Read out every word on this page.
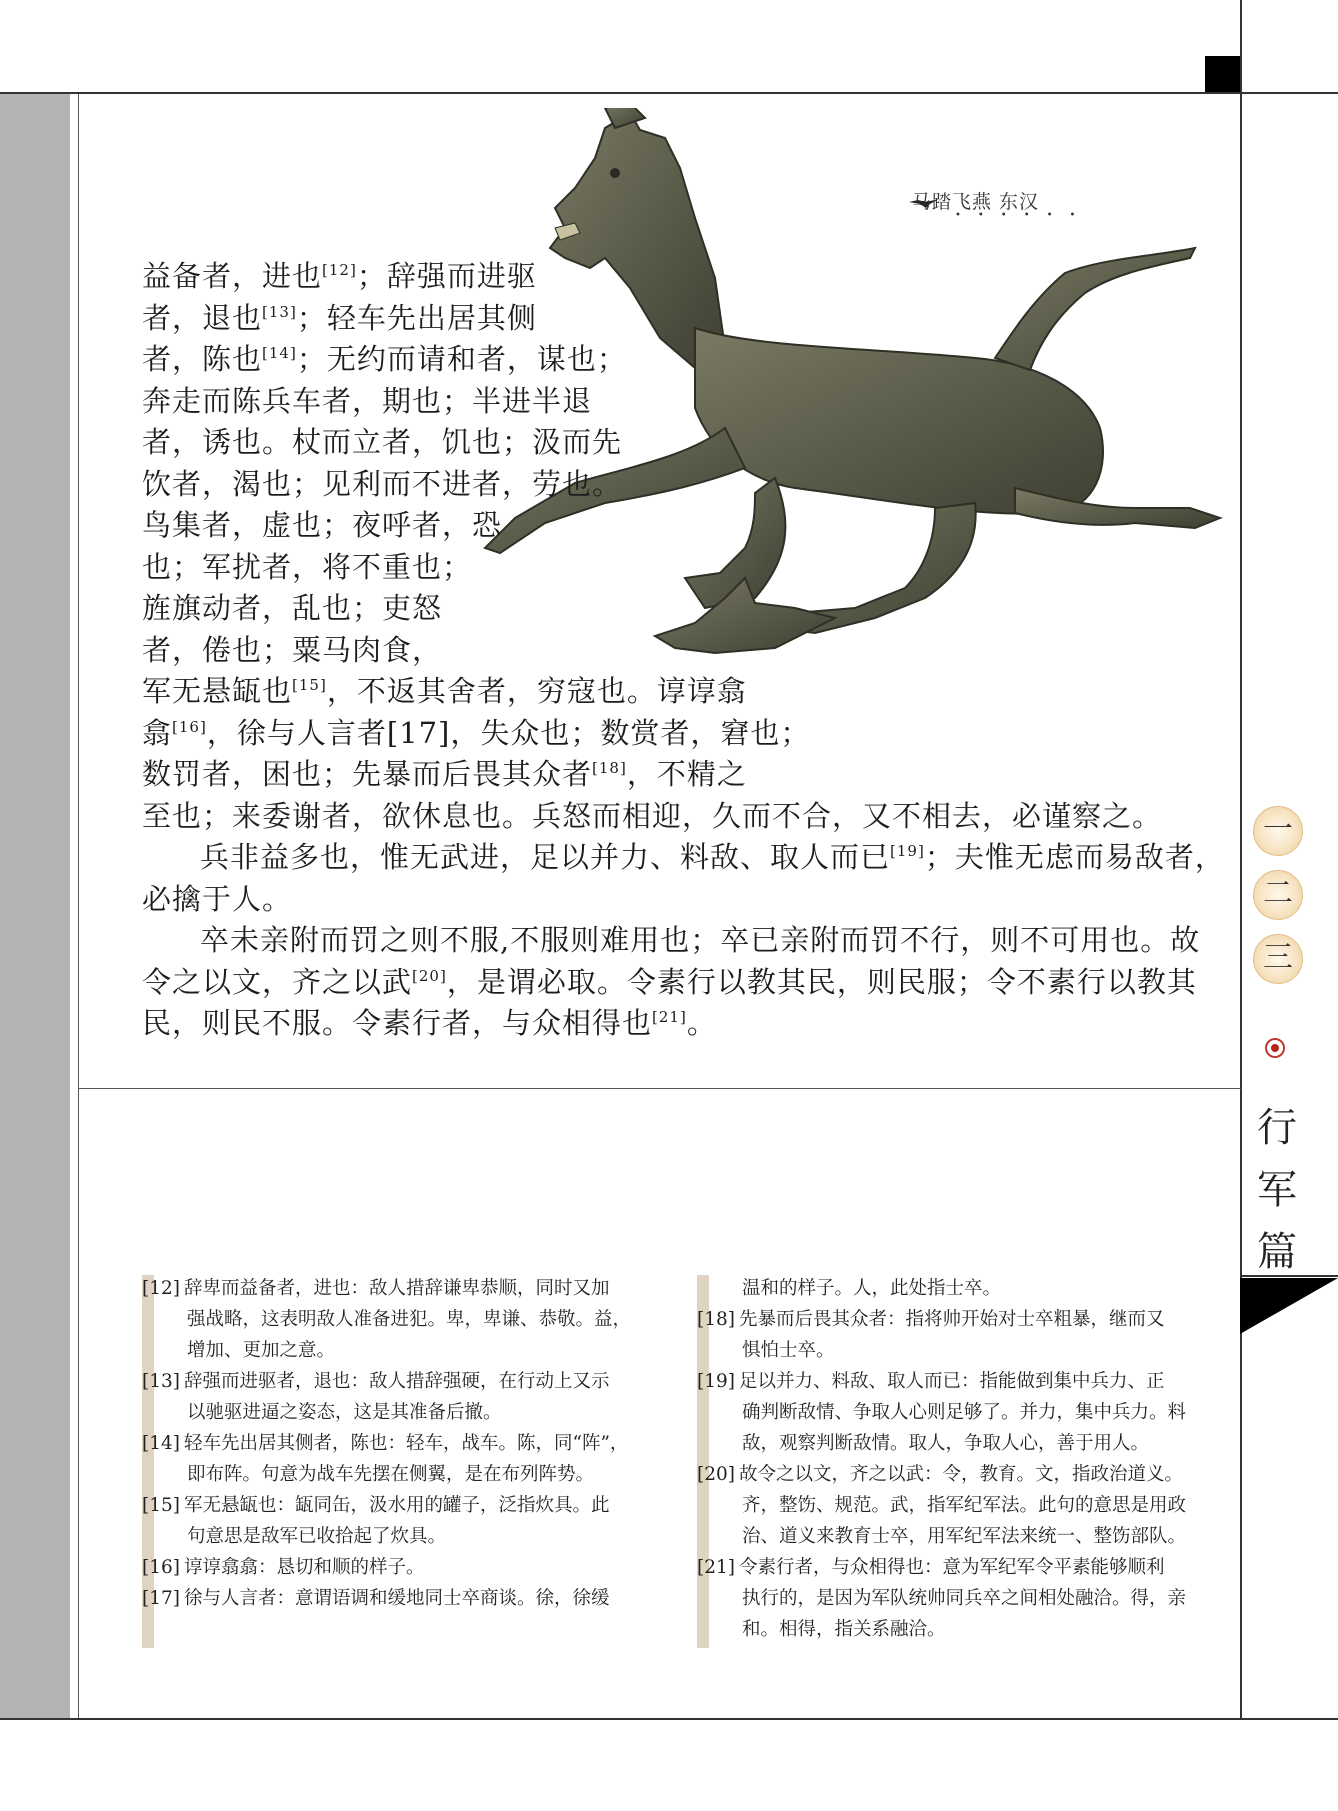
马踏飞燕 东汉
••••••
益备者，进也[12]；辞强而进驱
者，退也[13]；轻车先出居其侧
者，陈也[14]；无约而请和者，谋也；
奔走而陈兵车者，期也；半进半退
者，诱也。杖而立者，饥也；汲而先
饮者，渴也；见利而不进者，劳也。
鸟集者，虚也；夜呼者，恐
也；军扰者，将不重也；
旌旗动者，乱也；吏怒
者，倦也；粟马肉食，
军无悬缻也[15]，不返其舍者，穷寇也。谆谆翕
翕[16]，徐与人言者[17]，失众也；数赏者，窘也；
数罚者，困也；先暴而后畏其众者[18]，不精之
至也；来委谢者，欲休息也。兵怒而相迎，久而不合，又不相去，必谨察之。
兵非益多也，惟无武进，足以并力、料敌、取人而已[19]；夫惟无虑而易敌者，
必擒于人。
卒未亲附而罚之则不服,不服则难用也；卒已亲附而罚不行，则不可用也。故
令之以文，齐之以武[20]，是谓必取。令素行以教其民，则民服；令不素行以教其
民，则民不服。令素行者，与众相得也[21]。
一
二
三
行
军
篇
[12] 辞卑而益备者，进也：敌人措辞谦卑恭顺，同时又加
强战略，这表明敌人准备进犯。卑，卑谦、恭敬。益，
增加、更加之意。
[13] 辞强而进驱者，退也：敌人措辞强硬，在行动上又示
以驰驱进逼之姿态，这是其准备后撤。
[14] 轻车先出居其侧者，陈也：轻车，战车。陈，同“阵”，
即布阵。句意为战车先摆在侧翼，是在布列阵势。
[15] 军无悬缻也：缻同缶，汲水用的罐子，泛指炊具。此
句意思是敌军已收拾起了炊具。
[16] 谆谆翕翕：恳切和顺的样子。
[17] 徐与人言者：意谓语调和缓地同士卒商谈。徐，徐缓
温和的样子。人，此处指士卒。
[18] 先暴而后畏其众者：指将帅开始对士卒粗暴，继而又
惧怕士卒。
[19] 足以并力、料敌、取人而已：指能做到集中兵力、正
确判断敌情、争取人心则足够了。并力，集中兵力。料
敌，观察判断敌情。取人，争取人心，善于用人。
[20] 故令之以文，齐之以武：令，教育。文，指政治道义。
齐，整饬、规范。武，指军纪军法。此句的意思是用政
治、道义来教育士卒，用军纪军法来统一、整饬部队。
[21] 令素行者，与众相得也：意为军纪军令平素能够顺利
执行的，是因为军队统帅同兵卒之间相处融洽。得，亲
和。相得，指关系融洽。
